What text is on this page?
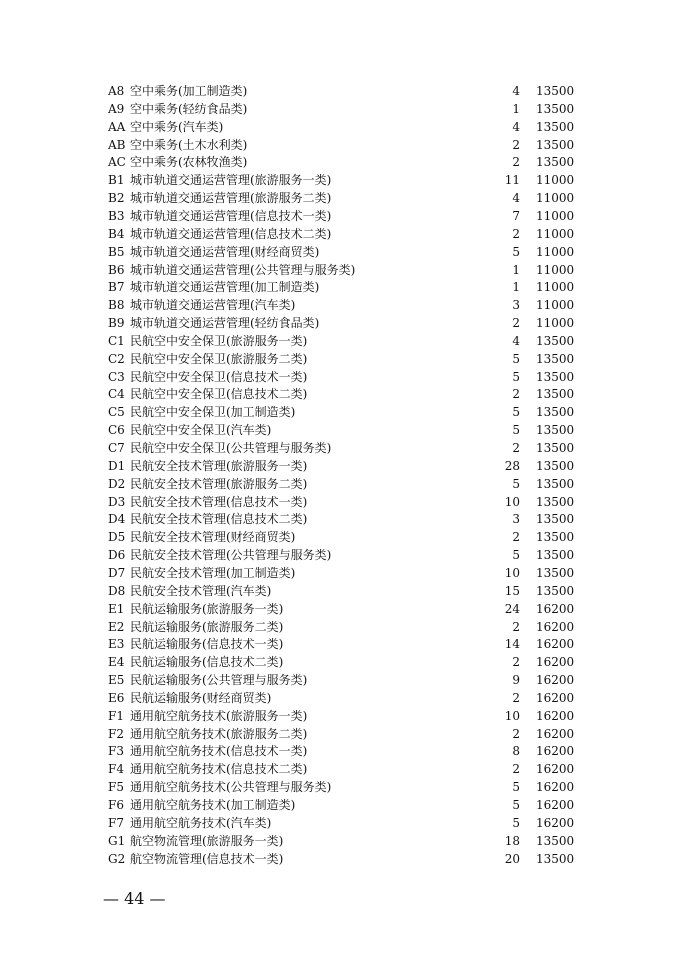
A8 空中乘务(加工制造类)	4 13500
A9 空中乘务(轻纺食品类)	1 13500
AA 空中乘务(汽车类)	4 13500
AB 空中乘务(土木水利类)	2 13500
AC 空中乘务(农林牧渔类)	2 13500
B1 城市轨道交通运营管理(旅游服务一类)	11 11000
B2 城市轨道交通运营管理(旅游服务二类)	4 11000
B3 城市轨道交通运营管理(信息技术一类)	7 11000
B4 城市轨道交通运营管理(信息技术二类)	2 11000
B5 城市轨道交通运营管理(财经商贸类)	5 11000
B6 城市轨道交通运营管理(公共管理与服务类)	1 11000
B7 城市轨道交通运营管理(加工制造类)	1 11000
B8 城市轨道交通运营管理(汽车类)	3 11000
B9 城市轨道交通运营管理(轻纺食品类)	2 11000
C1 民航空中安全保卫(旅游服务一类)	4 13500
C2 民航空中安全保卫(旅游服务二类)	5 13500
C3 民航空中安全保卫(信息技术一类)	5 13500
C4 民航空中安全保卫(信息技术二类)	2 13500
C5 民航空中安全保卫(加工制造类)	5 13500
C6 民航空中安全保卫(汽车类)	5 13500
C7 民航空中安全保卫(公共管理与服务类)	2 13500
D1 民航安全技术管理(旅游服务一类)	28 13500
D2 民航安全技术管理(旅游服务二类)	5 13500
D3 民航安全技术管理(信息技术一类)	10 13500
D4 民航安全技术管理(信息技术二类)	3 13500
D5 民航安全技术管理(财经商贸类)	2 13500
D6 民航安全技术管理(公共管理与服务类)	5 13500
D7 民航安全技术管理(加工制造类)	10 13500
D8 民航安全技术管理(汽车类)	15 13500
E1 民航运输服务(旅游服务一类)	24 16200
E2 民航运输服务(旅游服务二类)	2 16200
E3 民航运输服务(信息技术一类)	14 16200
E4 民航运输服务(信息技术二类)	2 16200
E5 民航运输服务(公共管理与服务类)	9 16200
E6 民航运输服务(财经商贸类)	2 16200
F1 通用航空航务技术(旅游服务一类)	10 16200
F2 通用航空航务技术(旅游服务二类)	2 16200
F3 通用航空航务技术(信息技术一类)	8 16200
F4 通用航空航务技术(信息技术二类)	2 16200
F5 通用航空航务技术(公共管理与服务类)	5 16200
F6 通用航空航务技术(加工制造类)	5 16200
F7 通用航空航务技术(汽车类)	5 16200
G1 航空物流管理(旅游服务一类)	18 13500
G2 航空物流管理(信息技术一类)	20 13500
— 44 —
